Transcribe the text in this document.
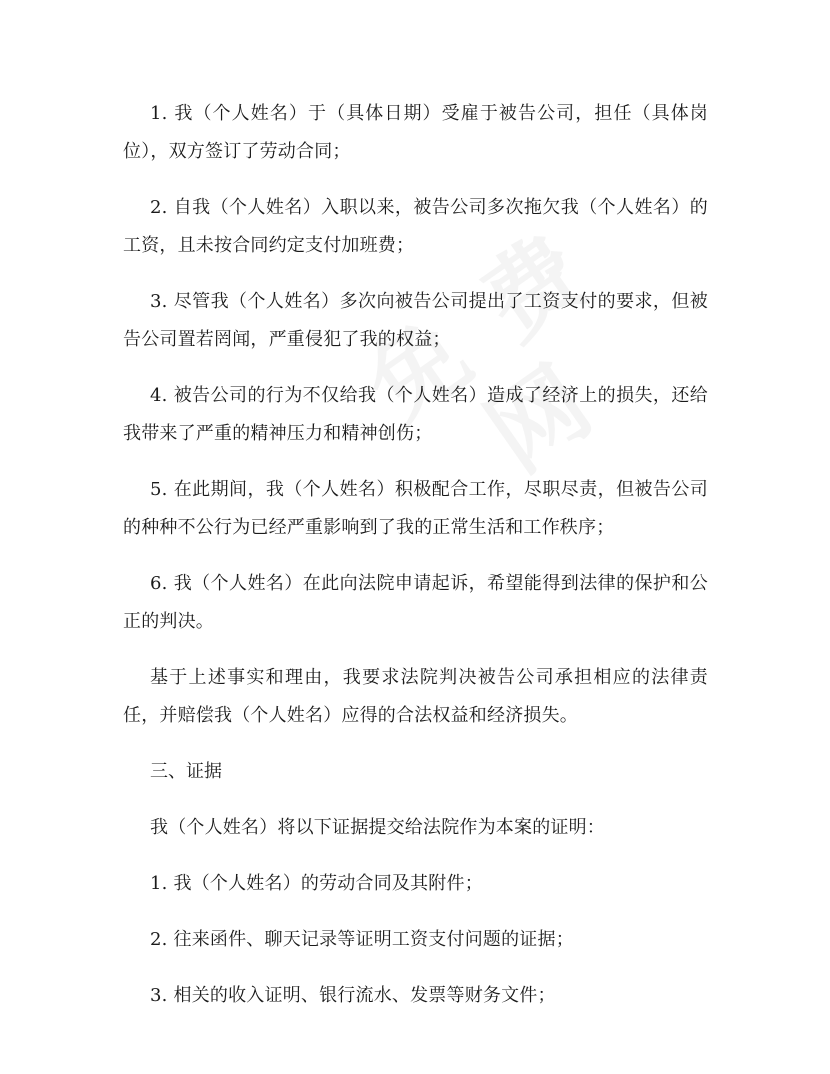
1. 我（个人姓名）于（具体日期）受雇于被告公司，担任（具体岗位），双方签订了劳动合同；

2. 自我（个人姓名）入职以来，被告公司多次拖欠我（个人姓名）的工资，且未按合同约定支付加班费；

3. 尽管我（个人姓名）多次向被告公司提出了工资支付的要求，但被告公司置若罔闻，严重侵犯了我的权益；

4. 被告公司的行为不仅给我（个人姓名）造成了经济上的损失，还给我带来了严重的精神压力和精神创伤；

5. 在此期间，我（个人姓名）积极配合工作，尽职尽责，但被告公司的种种不公行为已经严重影响到了我的正常生活和工作秩序；

6. 我（个人姓名）在此向法院申请起诉，希望能得到法律的保护和公正的判决。

基于上述事实和理由，我要求法院判决被告公司承担相应的法律责任，并赔偿我（个人姓名）应得的合法权益和经济损失。

三、证据

我（个人姓名）将以下证据提交给法院作为本案的证明：

1. 我（个人姓名）的劳动合同及其附件；

2. 往来函件、聊天记录等证明工资支付问题的证据；

3. 相关的收入证明、银行流水、发票等财务文件；
